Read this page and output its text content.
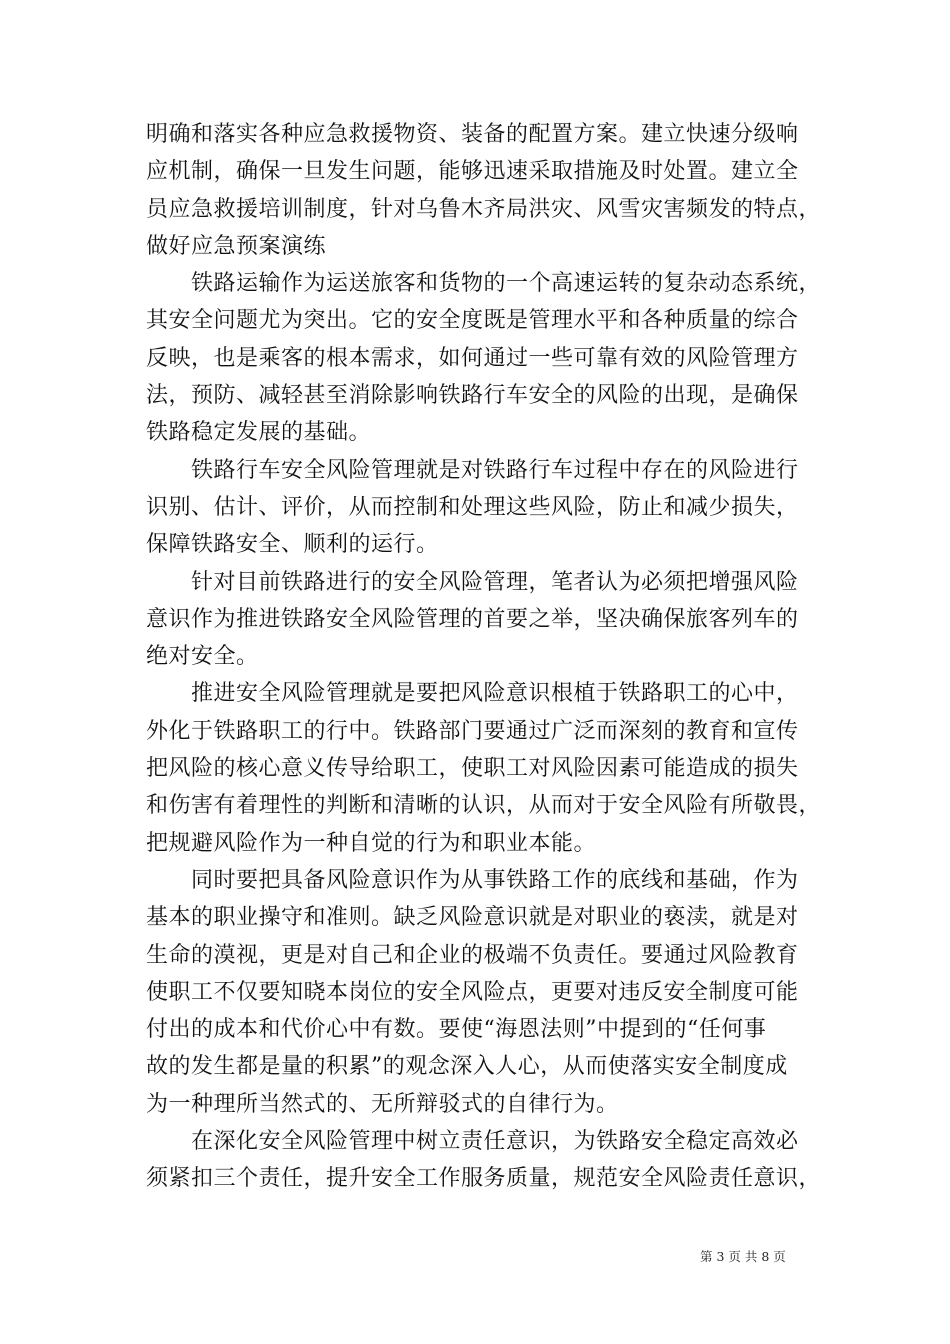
明确和落实各种应急救援物资、装备的配置方案。建立快速分级响
应机制，确保一旦发生问题，能够迅速采取措施及时处置。建立全
员应急救援培训制度，针对乌鲁木齐局洪灾、风雪灾害频发的特点，
做好应急预案演练
　　铁路运输作为运送旅客和货物的一个高速运转的复杂动态系统，
其安全问题尤为突出。它的安全度既是管理水平和各种质量的综合
反映，也是乘客的根本需求，如何通过一些可靠有效的风险管理方
法，预防、减轻甚至消除影响铁路行车安全的风险的出现，是确保
铁路稳定发展的基础。
　　铁路行车安全风险管理就是对铁路行车过程中存在的风险进行
识别、估计、评价，从而控制和处理这些风险，防止和减少损失，
保障铁路安全、顺利的运行。
　　针对目前铁路进行的安全风险管理，笔者认为必须把增强风险
意识作为推进铁路安全风险管理的首要之举，坚决确保旅客列车的
绝对安全。
　　推进安全风险管理就是要把风险意识根植于铁路职工的心中，
外化于铁路职工的行中。铁路部门要通过广泛而深刻的教育和宣传
把风险的核心意义传导给职工，使职工对风险因素可能造成的损失
和伤害有着理性的判断和清晰的认识，从而对于安全风险有所敬畏，
把规避风险作为一种自觉的行为和职业本能。
　　同时要把具备风险意识作为从事铁路工作的底线和基础，作为
基本的职业操守和准则。缺乏风险意识就是对职业的亵渎，就是对
生命的漠视，更是对自己和企业的极端不负责任。要通过风险教育
使职工不仅要知晓本岗位的安全风险点，更要对违反安全制度可能
付出的成本和代价心中有数。要使“海恩法则”中提到的“任何事
故的发生都是量的积累”的观念深入人心，从而使落实安全制度成
为一种理所当然式的、无所辩驳式的自律行为。
　　在深化安全风险管理中树立责任意识，为铁路安全稳定高效必
须紧扣三个责任，提升安全工作服务质量，规范安全风险责任意识，
第 3 页 共 8 页
